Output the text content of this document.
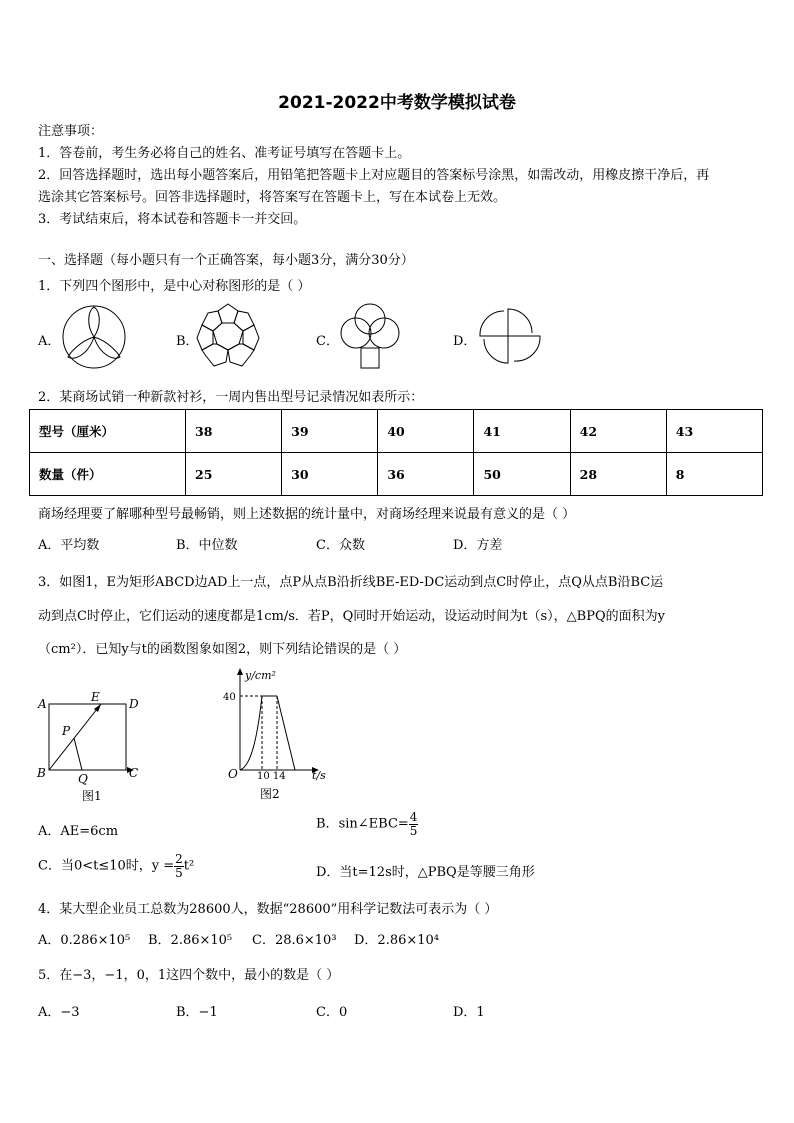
2021-2022中考数学模拟试卷
注意事项：
1．答卷前，考生务必将自己的姓名、准考证号填写在答题卡上。
2．回答选择题时，选出每小题答案后，用铅笔把答题卡上对应题目的答案标号涂黑，如需改动，用橡皮擦干净后，再
选涂其它答案标号。回答非选择题时，将答案写在答题卡上，写在本试卷上无效。
3．考试结束后，将本试卷和答题卡一并交回。
一、选择题（每小题只有一个正确答案，每小题3分，满分30分）
1．下列四个图形中，是中心对称图形的是（ ）
A．	B．	C．	D．
2．某商场试销一种新款衬衫，一周内售出型号记录情况如表所示：
型号（厘米）	38	39	40	41	42	43
数量（件）	25	30	36	50	28	8
商场经理要了解哪种型号最畅销，则上述数据的统计量中，对商场经理来说最有意义的是（ ）
A．平均数	B．中位数	C．众数	D．方差
3．如图1，E为矩形ABCD边AD上一点，点P从点B沿折线BE-ED-DC运动到点C时停止，点Q从点B沿BC运
动到点C时停止，它们运动的速度都是1cm/s．若P，Q同时开始运动，设运动时间为t（s），△BPQ的面积为y
（cm²）．已知y与t的函数图象如图2，则下列结论错误的是（ ）
A	E D
P
B	Q	C
图1
y/cm²
40
O 10 14 t/s
图2
A．AE=6cm	B．sin∠EBC= $\frac{4}{5}$
C．当0<t≤10时，$y = \frac{2}{5} t^2$	D．当t=12s时，△PBQ是等腰三角形
4．某大型企业员工总数为28600人，数据“28600”用科学记数法可表示为（ ）
A．0.286×10⁵ B．2.86×10⁵ C．28.6×10³ D．2.86×10⁴
5．在−3，−1，0，1这四个数中，最小的数是（ ）
A．−3	B．−1	C．0	D．1
